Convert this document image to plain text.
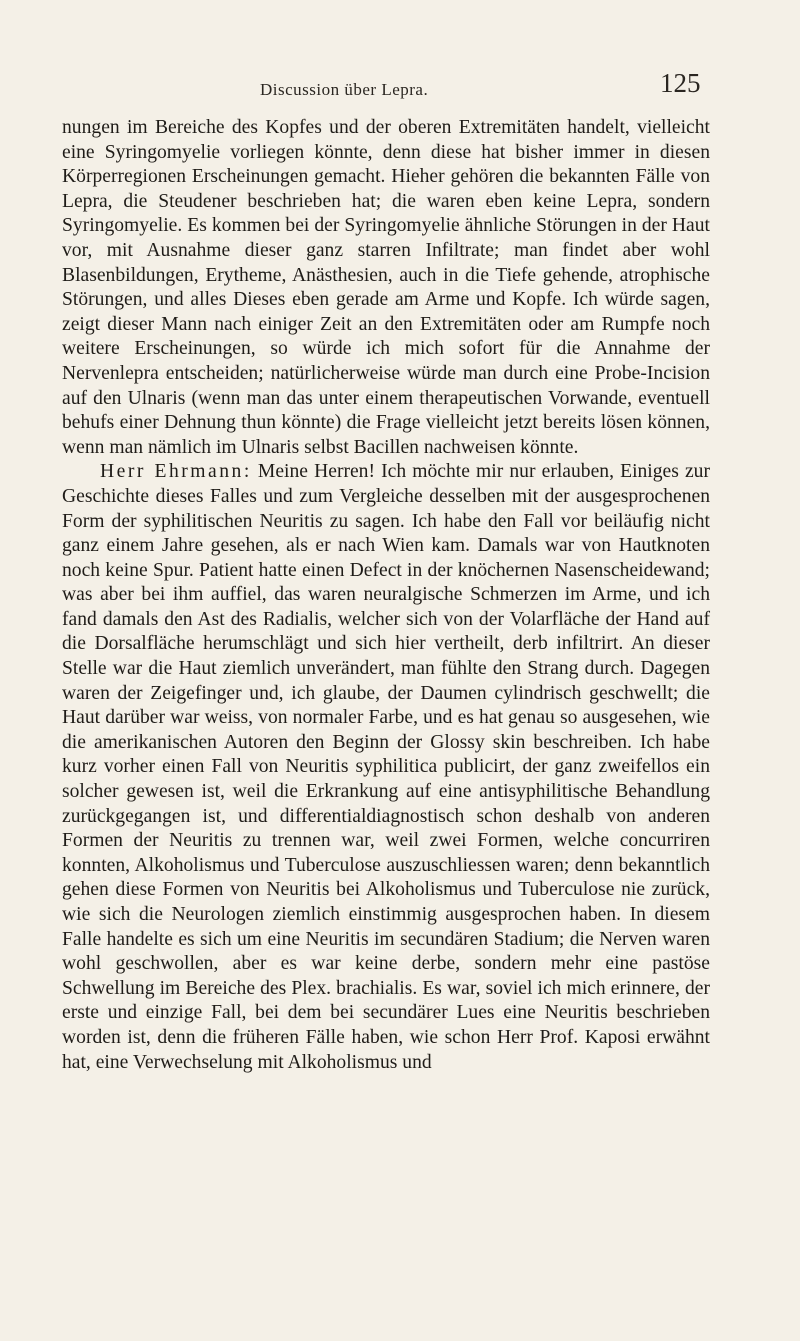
Discussion über Lepra.	125

nungen im Bereiche des Kopfes und der oberen Extremitäten handelt, vielleicht eine Syringomyelie vorliegen könnte, denn diese hat bisher immer in diesen Körperregionen Erscheinungen gemacht. Hieher gehören die bekannten Fälle von Lepra, die Steudener beschrieben hat; die waren eben keine Lepra, sondern Syringomyelie. Es kommen bei der Syringomyelie ähnliche Störungen in der Haut vor, mit Ausnahme dieser ganz starren Infiltrate; man findet aber wohl Blasenbildungen, Erytheme, Anästhesien, auch in die Tiefe gehende, atrophische Störungen, und alles Dieses eben gerade am Arme und Kopfe. Ich würde sagen, zeigt dieser Mann nach einiger Zeit an den Extremitäten oder am Rumpfe noch weitere Erscheinungen, so würde ich mich sofort für die Annahme der Nervenlepra entscheiden; natürlicherweise würde man durch eine Probe-Incision auf den Ulnaris (wenn man das unter einem therapeutischen Vorwande, eventuell behufs einer Dehnung thun könnte) die Frage vielleicht jetzt bereits lösen können, wenn man nämlich im Ulnaris selbst Bacillen nachweisen könnte.

Herr Ehrmann: Meine Herren! Ich möchte mir nur erlauben, Einiges zur Geschichte dieses Falles und zum Vergleiche desselben mit der ausgesprochenen Form der syphilitischen Neuritis zu sagen. Ich habe den Fall vor beiläufig nicht ganz einem Jahre gesehen, als er nach Wien kam. Damals war von Hautknoten noch keine Spur. Patient hatte einen Defect in der knöchernen Nasenscheidewand; was aber bei ihm auffiel, das waren neuralgische Schmerzen im Arme, und ich fand damals den Ast des Radialis, welcher sich von der Volarfläche der Hand auf die Dorsalfläche herumschlägt und sich hier vertheilt, derb infiltrirt. An dieser Stelle war die Haut ziemlich unverändert, man fühlte den Strang durch. Dagegen waren der Zeigefinger und, ich glaube, der Daumen cylindrisch geschwellt; die Haut darüber war weiss, von normaler Farbe, und es hat genau so ausgesehen, wie die amerikanischen Autoren den Beginn der Glossy skin beschreiben. Ich habe kurz vorher einen Fall von Neuritis syphilitica publicirt, der ganz zweifellos ein solcher gewesen ist, weil die Erkrankung auf eine antisyphilitische Behandlung zurückgegangen ist, und differentialdiagnostisch schon deshalb von anderen Formen der Neuritis zu trennen war, weil zwei Formen, welche concurriren konnten, Alkoholismus und Tuberculose auszuschliessen waren; denn bekanntlich gehen diese Formen von Neuritis bei Alkoholismus und Tuberculose nie zurück, wie sich die Neurologen ziemlich einstimmig ausgesprochen haben. In diesem Falle handelte es sich um eine Neuritis im secundären Stadium; die Nerven waren wohl geschwollen, aber es war keine derbe, sondern mehr eine pastöse Schwellung im Bereiche des Plex. brachialis. Es war, soviel ich mich erinnere, der erste und einzige Fall, bei dem bei secundärer Lues eine Neuritis beschrieben worden ist, denn die früheren Fälle haben, wie schon Herr Prof. Kaposi erwähnt hat, eine Verwechselung mit Alkoholismus und
